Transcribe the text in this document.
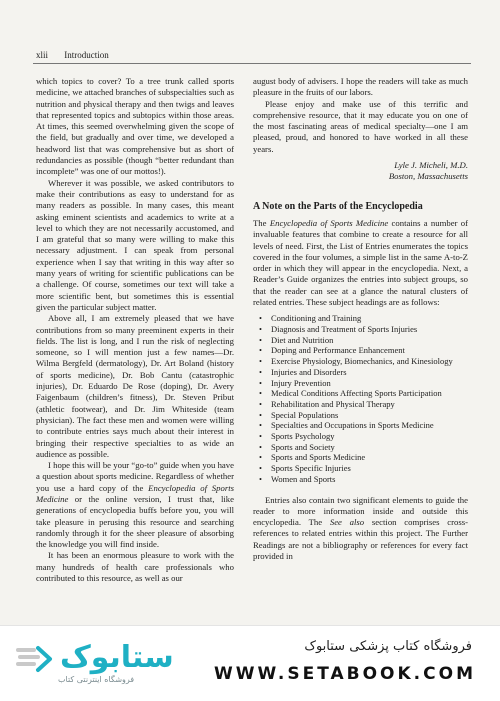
xlii Introduction

which topics to cover? To a tree trunk called sports medicine, we attached branches of subspecialties such as nutrition and physical therapy and then twigs and leaves that represented topics and subtopics within those areas. At times, this seemed overwhelming given the scope of the field, but gradually and over time, we developed a headword list that was comprehensive but as short of redundancies as possible (though “better redundant than incomplete” was one of our mottos!).

Wherever it was possible, we asked contributors to make their contributions as easy to understand for as many readers as possible. In many cases, this meant asking eminent scientists and academics to write at a level to which they are not necessarily accustomed, and I am grateful that so many were willing to make this necessary adjustment. I can speak from personal experience when I say that writing in this way after so many years of writing for scientific publications can be a challenge. Of course, sometimes our text will take a more scientific bent, but sometimes this is essential given the particular subject matter.

Above all, I am extremely pleased that we have contributions from so many preeminent experts in their fields. The list is long, and I run the risk of neglecting someone, so I will mention just a few names—Dr. Wilma Bergfeld (dermatology), Dr. Art Boland (history of sports medicine), Dr. Bob Cantu (catastrophic injuries), Dr. Eduardo De Rose (doping), Dr. Avery Faigenbaum (children’s fitness), Dr. Steven Pribut (athletic footwear), and Dr. Jim Whiteside (team physician). The fact these men and women were willing to contribute entries says much about their interest in bringing their respective specialties to as wide an audience as possible.

I hope this will be your “go-to” guide when you have a question about sports medicine. Regardless of whether you use a hard copy of the Encyclopedia of Sports Medicine or the online version, I trust that, like generations of encyclopedia buffs before you, you will take pleasure in perusing this resource and searching randomly through it for the sheer pleasure of absorbing the knowledge you will find inside.

It has been an enormous pleasure to work with the many hundreds of health care professionals who contributed to this resource, as well as our

august body of advisers. I hope the readers will take as much pleasure in the fruits of our labors.

Please enjoy and make use of this terrific and comprehensive resource, that it may educate you on one of the most fascinating areas of medical specialty—one I am pleased, proud, and honored to have worked in all these years.

Lyle J. Micheli, M.D.
Boston, Massachusetts
A Note on the Parts of the Encyclopedia

The Encyclopedia of Sports Medicine contains a number of invaluable features that combine to create a resource for all levels of need. First, the List of Entries enumerates the topics covered in the four volumes, a simple list in the same A-to-Z order in which they will appear in the encyclopedia. Next, a Reader’s Guide organizes the entries into subject groups, so that the reader can see at a glance the natural clusters of related entries. These subject headings are as follows:

• Conditioning and Training
• Diagnosis and Treatment of Sports Injuries
• Diet and Nutrition
• Doping and Performance Enhancement
• Exercise Physiology, Biomechanics, and Kinesiology
• Injuries and Disorders
• Injury Prevention
• Medical Conditions Affecting Sports Participation
• Rehabilitation and Physical Therapy
• Special Populations
• Specialties and Occupations in Sports Medicine
• Sports Psychology
• Sports and Society
• Sports and Sports Medicine
• Sports Specific Injuries
• Women and Sports

Entries also contain two significant elements to guide the reader to more information inside and outside this encyclopedia. The See also section comprises cross-references to related entries within this project. The Further Readings are not a bibliography or references for every fact provided in

ستابوک
فروشگاه اینترنتی کتاب
فروشگاه کتاب پزشکی ستابوک
WWW.SETABOOK.COM
